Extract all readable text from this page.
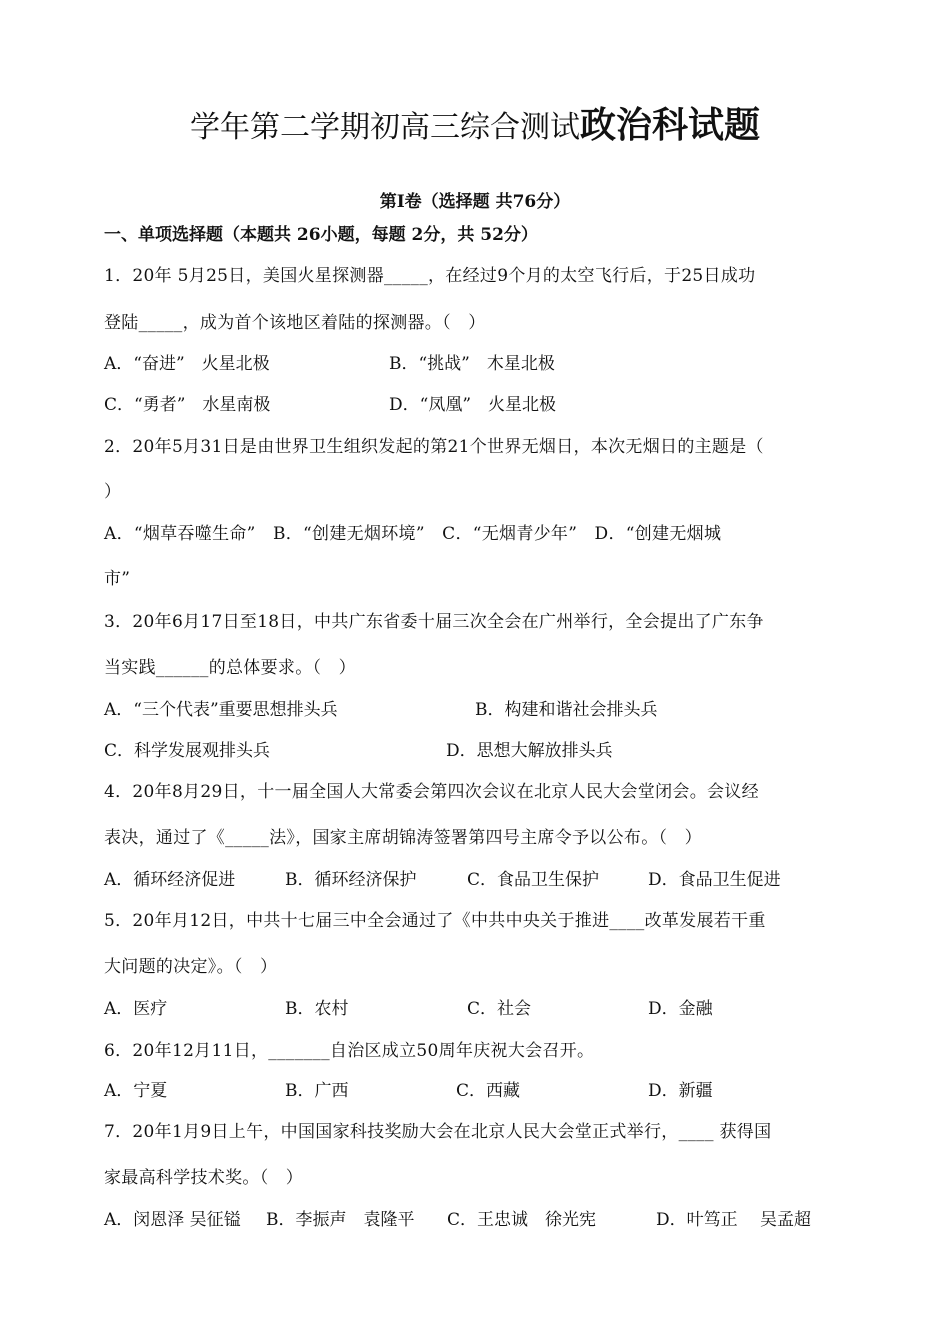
学年第二学期初高三综合测试政治科试题
第Ⅰ卷（选择题 共76分）
一、单项选择题（本题共 26小题，每题 2分，共 52分）
1．20年 5月25日，美国火星探测器_____，在经过9个月的太空飞行后，于25日成功
登陆_____，成为首个该地区着陆的探测器。（　）
A．“奋进”　火星北极	B．“挑战”　木星北极
C．“勇者”　水星南极	D．“凤凰”　火星北极
2．20年5月31日是由世界卫生组织发起的第21个世界无烟日，本次无烟日的主题是（
）
A．“烟草吞噬生命”　B．“创建无烟环境”　C．“无烟青少年”　D．“创建无烟城
市”
3．20年6月17日至18日，中共广东省委十届三次全会在广州举行，全会提出了广东争
当实践______的总体要求。（　）
A．“三个代表”重要思想排头兵	B．构建和谐社会排头兵
C．科学发展观排头兵	D．思想大解放排头兵
4．20年8月29日，十一届全国人大常委会第四次会议在北京人民大会堂闭会。会议经
表决，通过了《_____法》，国家主席胡锦涛签署第四号主席令予以公布。（　）
A．循环经济促进	B．循环经济保护	C．食品卫生保护	D．食品卫生促进
5．20年月12日，中共十七届三中全会通过了《中共中央关于推进____改革发展若干重
大问题的决定》。（　）
A．医疗	B．农村	C．社会	D．金融
6．20年12月11日，_______自治区成立50周年庆祝大会召开。
A．宁夏	B．广西	C．西藏	D．新疆
7．20年1月9日上午，中国国家科技奖励大会在北京人民大会堂正式举行，____ 获得国
家最高科学技术奖。（　）
A．闵恩泽 吴征镒 B．李振声　袁隆平 C．王忠诚　徐光宪	D．叶笃正　 吴孟超
